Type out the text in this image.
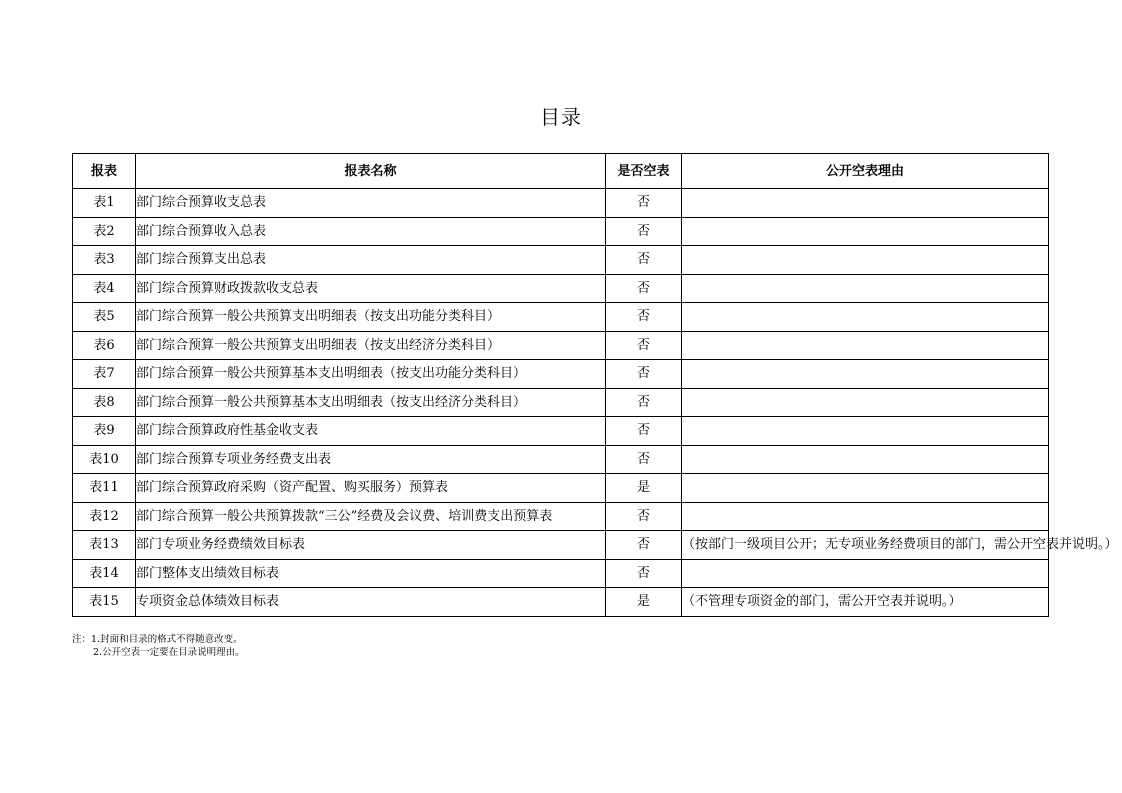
目录
报表	报表名称	是否空表	公开空表理由
表1	部门综合预算收支总表	否	
表2	部门综合预算收入总表	否	
表3	部门综合预算支出总表	否	
表4	部门综合预算财政拨款收支总表	否	
表5	部门综合预算一般公共预算支出明细表（按支出功能分类科目）	否	
表6	部门综合预算一般公共预算支出明细表（按支出经济分类科目）	否	
表7	部门综合预算一般公共预算基本支出明细表（按支出功能分类科目）	否	
表8	部门综合预算一般公共预算基本支出明细表（按支出经济分类科目）	否	
表9	部门综合预算政府性基金收支表	否	
表10	部门综合预算专项业务经费支出表	否	
表11	部门综合预算政府采购（资产配置、购买服务）预算表	是	
表12	部门综合预算一般公共预算拨款“三公”经费及会议费、培训费支出预算表	否	
表13	部门专项业务经费绩效目标表	否	（按部门一级项目公开；无专项业务经费项目的部门，需公开空表并说明。）
表14	部门整体支出绩效目标表	否	
表15	专项资金总体绩效目标表	是	（不管理专项资金的部门，需公开空表并说明。）
注：1.封面和目录的格式不得随意改变。
2.公开空表一定要在目录说明理由。
